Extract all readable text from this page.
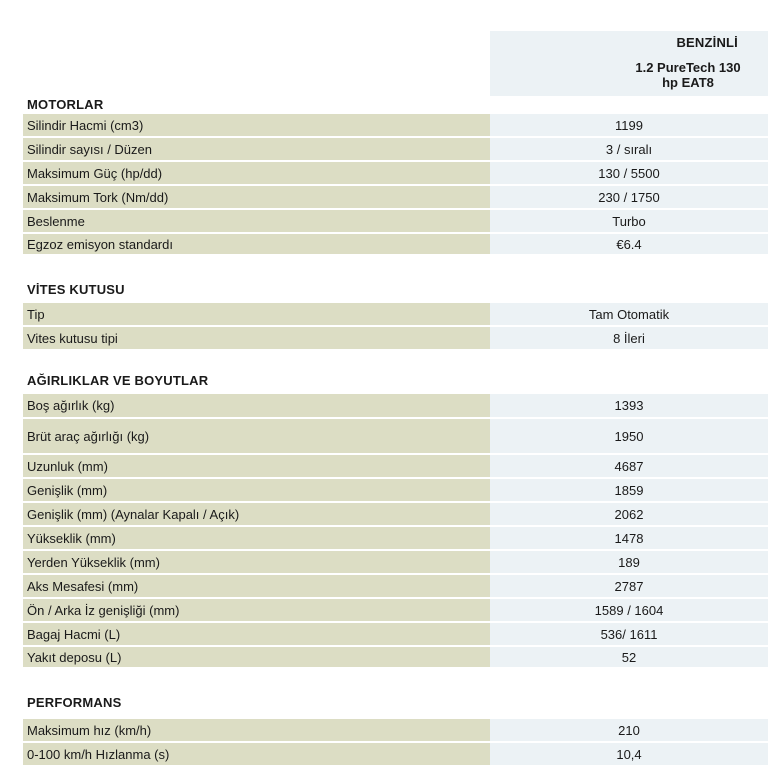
BENZİNLİ
1.2 PureTech 130 hp EAT8
MOTORLAR
Silindir Hacmi (cm3)	1199
Silindir sayısı / Düzen	3 / sıralı
Maksimum Güç (hp/dd)	130 / 5500
Maksimum Tork (Nm/dd)	230 / 1750
Beslenme	Turbo
Egzoz emisyon standardı	€6.4
VİTES KUTUSU
Tip	Tam Otomatik
Vites kutusu tipi	8 İleri
AĞIRLIKLAR VE BOYUTLAR
Boş ağırlık (kg)	1393
Brüt araç ağırlığı (kg)	1950
Uzunluk (mm)	4687
Genişlik (mm)	1859
Genişlik (mm) (Aynalar Kapalı / Açık)	2062
Yükseklik (mm)	1478
Yerden Yükseklik (mm)	189
Aks Mesafesi (mm)	2787
Ön / Arka İz genişliği (mm)	1589 / 1604
Bagaj Hacmi (L)	536/ 1611
Yakıt deposu (L)	52
PERFORMANS
Maksimum hız (km/h)	210
0-100 km/h Hızlanma (s)	10,4
